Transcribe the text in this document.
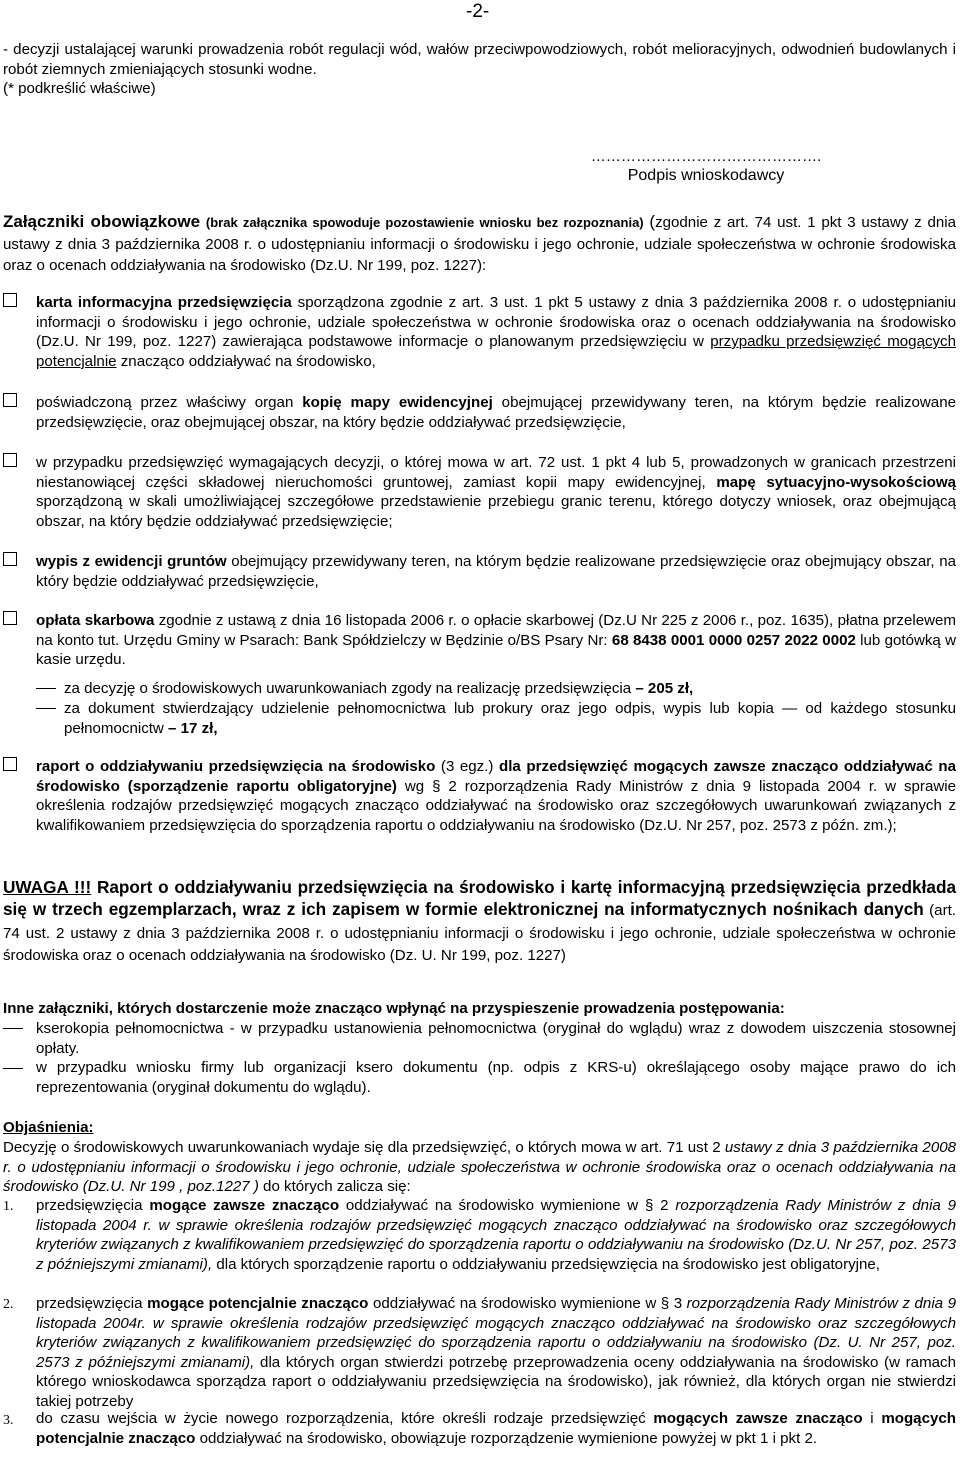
-2-
- decyzji ustalającej warunki prowadzenia robót regulacji wód, wałów przeciwpowodziowych, robót melioracyjnych, odwodnień budowlanych i robót ziemnych zmieniających stosunki wodne.
(* podkreślić właściwe)
……………………………………….
Podpis wnioskodawcy
Załączniki obowiązkowe (brak załącznika spowoduje pozostawienie wniosku bez rozpoznania) (zgodnie z art. 74 ust. 1 pkt 3 ustawy z dnia ustawy z dnia 3 października 2008 r. o udostępnianiu informacji o środowisku i jego ochronie, udziale społeczeństwa w ochronie środowiska oraz o ocenach oddziaływania na środowisko (Dz.U. Nr 199, poz. 1227):
karta informacyjna przedsięwzięcia sporządzona zgodnie z art. 3 ust. 1 pkt 5 ustawy z dnia 3 października 2008 r. o udostępnianiu informacji o środowisku i jego ochronie, udziale społeczeństwa w ochronie środowiska oraz o ocenach oddziaływania na środowisko (Dz.U. Nr 199, poz. 1227) zawierająca podstawowe informacje o planowanym przedsięwzięciu w przypadku przedsięwzięć mogących potencjalnie znacząco oddziaływać na środowisko,
poświadczoną przez właściwy organ kopię mapy ewidencyjnej obejmującej przewidywany teren, na którym będzie realizowane przedsięwzięcie, oraz obejmującej obszar, na który będzie oddziaływać przedsięwzięcie,
w przypadku przedsięwzięć wymagających decyzji, o której mowa w art. 72 ust. 1 pkt 4 lub 5, prowadzonych w granicach przestrzeni niestanowiącej części składowej nieruchomości gruntowej, zamiast kopii mapy ewidencyjnej, mapę sytuacyjno-wysokościową sporządzoną w skali umożliwiającej szczegółowe przedstawienie przebiegu granic terenu, którego dotyczy wniosek, oraz obejmującą obszar, na który będzie oddziaływać przedsięwzięcie;
wypis z ewidencji gruntów obejmujący przewidywany teren, na którym będzie realizowane przedsięwzięcie oraz obejmujący obszar, na który będzie oddziaływać przedsięwzięcie,
opłata skarbowa zgodnie z ustawą z dnia 16 listopada 2006 r. o opłacie skarbowej (Dz.U Nr 225 z 2006 r., poz. 1635), płatna przelewem na konto tut. Urzędu Gminy w Psarach: Bank Spółdzielczy w Będzinie o/BS Psary Nr: 68 8438 0001 0000 0257 2022 0002 lub gotówką w kasie urzędu.
za decyzję o środowiskowych uwarunkowaniach zgody na realizację przedsięwzięcia – 205 zł,
za dokument stwierdzający udzielenie pełnomocnictwa lub prokury oraz jego odpis, wypis lub kopia — od każdego stosunku pełnomocnictw – 17 zł,
raport o oddziaływaniu przedsięwzięcia na środowisko (3 egz.) dla przedsięwzięć mogących zawsze znacząco oddziaływać na środowisko (sporządzenie raportu obligatoryjne) wg § 2 rozporządzenia Rady Ministrów z dnia 9 listopada 2004 r. w sprawie określenia rodzajów przedsięwzięć mogących znacząco oddziaływać na środowisko oraz szczegółowych uwarunkowań związanych z kwalifikowaniem przedsięwzięcia do sporządzenia raportu o oddziaływaniu na środowisko (Dz.U. Nr 257, poz. 2573 z późn. zm.);
UWAGA !!! Raport o oddziaływaniu przedsięwzięcia na środowisko i kartę informacyjną przedsięwzięcia przedkłada się w trzech egzemplarzach, wraz z ich zapisem w formie elektronicznej na informatycznych nośnikach danych (art. 74 ust. 2 ustawy z dnia 3 października 2008 r. o udostępnianiu informacji o środowisku i jego ochronie, udziale społeczeństwa w ochronie środowiska oraz o ocenach oddziaływania na środowisko (Dz. U. Nr 199, poz. 1227)
Inne załączniki, których dostarczenie może znacząco wpłynąć na przyspieszenie prowadzenia postępowania:
kserokopia pełnomocnictwa - w przypadku ustanowienia pełnomocnictwa (oryginał do wglądu) wraz z dowodem uiszczenia stosownej opłaty.
w przypadku wniosku firmy lub organizacji ksero dokumentu (np. odpis z KRS-u) określającego osoby mające prawo do ich reprezentowania (oryginał dokumentu do wglądu).
Objaśnienia:
Decyzję o środowiskowych uwarunkowaniach wydaje się dla przedsięwzięć, o których mowa w art. 71 ust 2 ustawy z dnia 3 października 2008 r. o udostępnianiu informacji o środowisku i jego ochronie, udziale społeczeństwa w ochronie środowiska oraz o ocenach oddziaływania na środowisko (Dz.U. Nr 199 , poz.1227 ) do których zalicza się:
1. przedsięwzięcia mogące zawsze znacząco oddziaływać na środowisko wymienione w § 2 rozporządzenia Rady Ministrów z dnia 9 listopada 2004 r. w sprawie określenia rodzajów przedsięwzięć mogących znacząco oddziaływać na środowisko oraz szczegółowych kryteriów związanych z kwalifikowaniem przedsięwzięć do sporządzenia raportu o oddziaływaniu na środowisko (Dz.U. Nr 257, poz. 2573 z późniejszymi zmianami), dla których sporządzenie raportu o oddziaływaniu przedsięwzięcia na środowisko jest obligatoryjne,
2. przedsięwzięcia mogące potencjalnie znacząco oddziaływać na środowisko wymienione w § 3 rozporządzenia Rady Ministrów z dnia 9 listopada 2004r. w sprawie określenia rodzajów przedsięwzięć mogących znacząco oddziaływać na środowisko oraz szczegółowych kryteriów związanych z kwalifikowaniem przedsięwzięć do sporządzenia raportu o oddziaływaniu na środowisko (Dz. U. Nr 257, poz. 2573 z późniejszymi zmianami), dla których organ stwierdzi potrzebę przeprowadzenia oceny oddziaływania na środowisko (w ramach którego wnioskodawca sporządza raport o oddziaływaniu przedsięwzięcia na środowisko), jak również, dla których organ nie stwierdzi takiej potrzeby
3. do czasu wejścia w życie nowego rozporządzenia, które określi rodzaje przedsięwzięć mogących zawsze znacząco i mogących potencjalnie znacząco oddziaływać na środowisko, obowiązuje rozporządzenie wymienione powyżej w pkt 1 i pkt 2.
